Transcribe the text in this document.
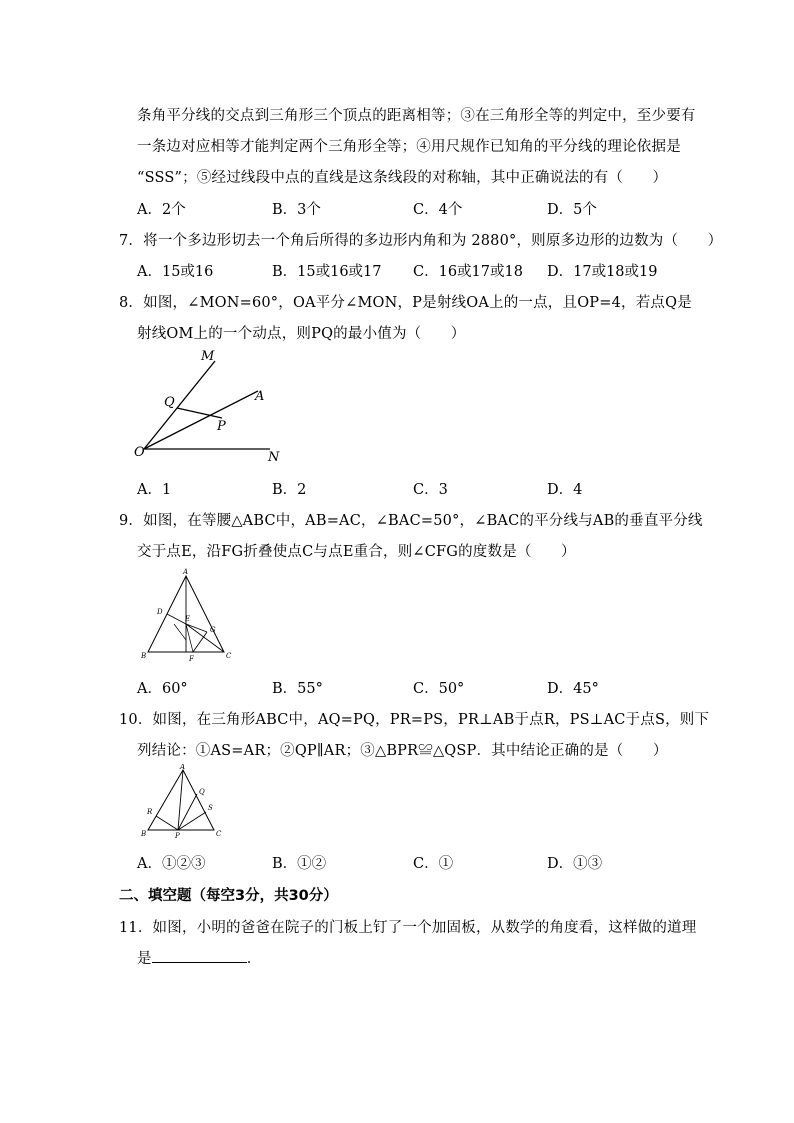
条角平分线的交点到三角形三个顶点的距离相等；③在三角形全等的判定中，至少要有
一条边对应相等才能判定两个三角形全等；④用尺规作已知角的平分线的理论依据是
“SSS”；⑤经过线段中点的直线是这条线段的对称轴，其中正确说法的有（　　）
A．2个	B．3个	C．4个	D．5个
7．将一个多边形切去一个角后所得的多边形内角和为 2880°，则原多边形的边数为（　　）
A．15或16	B．15或16或17 C．16或17或18 D．17或18或19
8．如图，∠MON=60°，OA平分∠MON，P是射线OA上的一点，且OP=4，若点Q是
射线OM上的一个动点，则PQ的最小值为（　　）
M
A
Q
P
O	N
A．1	B．2	C．3	D．4
9．如图，在等腰△ABC中，AB=AC，∠BAC=50°，∠BAC的平分线与AB的垂直平分线
交于点E，沿FG折叠使点C与点E重合，则∠CFG的度数是（　　）
A
D
E
G
B	F	C
A．60°	B．55°	C．50°	D．45°
10．如图，在三角形ABC中，AQ=PQ，PR=PS，PR⊥AB于点R，PS⊥AC于点S，则下
列结论：①AS=AR；②QP∥AR；③△BPR≌△QSP．其中结论正确的是（　　）
A
R
Q
S
B	P	C
A．①②③	B．①②	C．①	D．①③
二、填空题（每空3分，共30分）
11．如图，小明的爸爸在院子的门板上钉了一个加固板，从数学的角度看，这样做的道理
是	．
